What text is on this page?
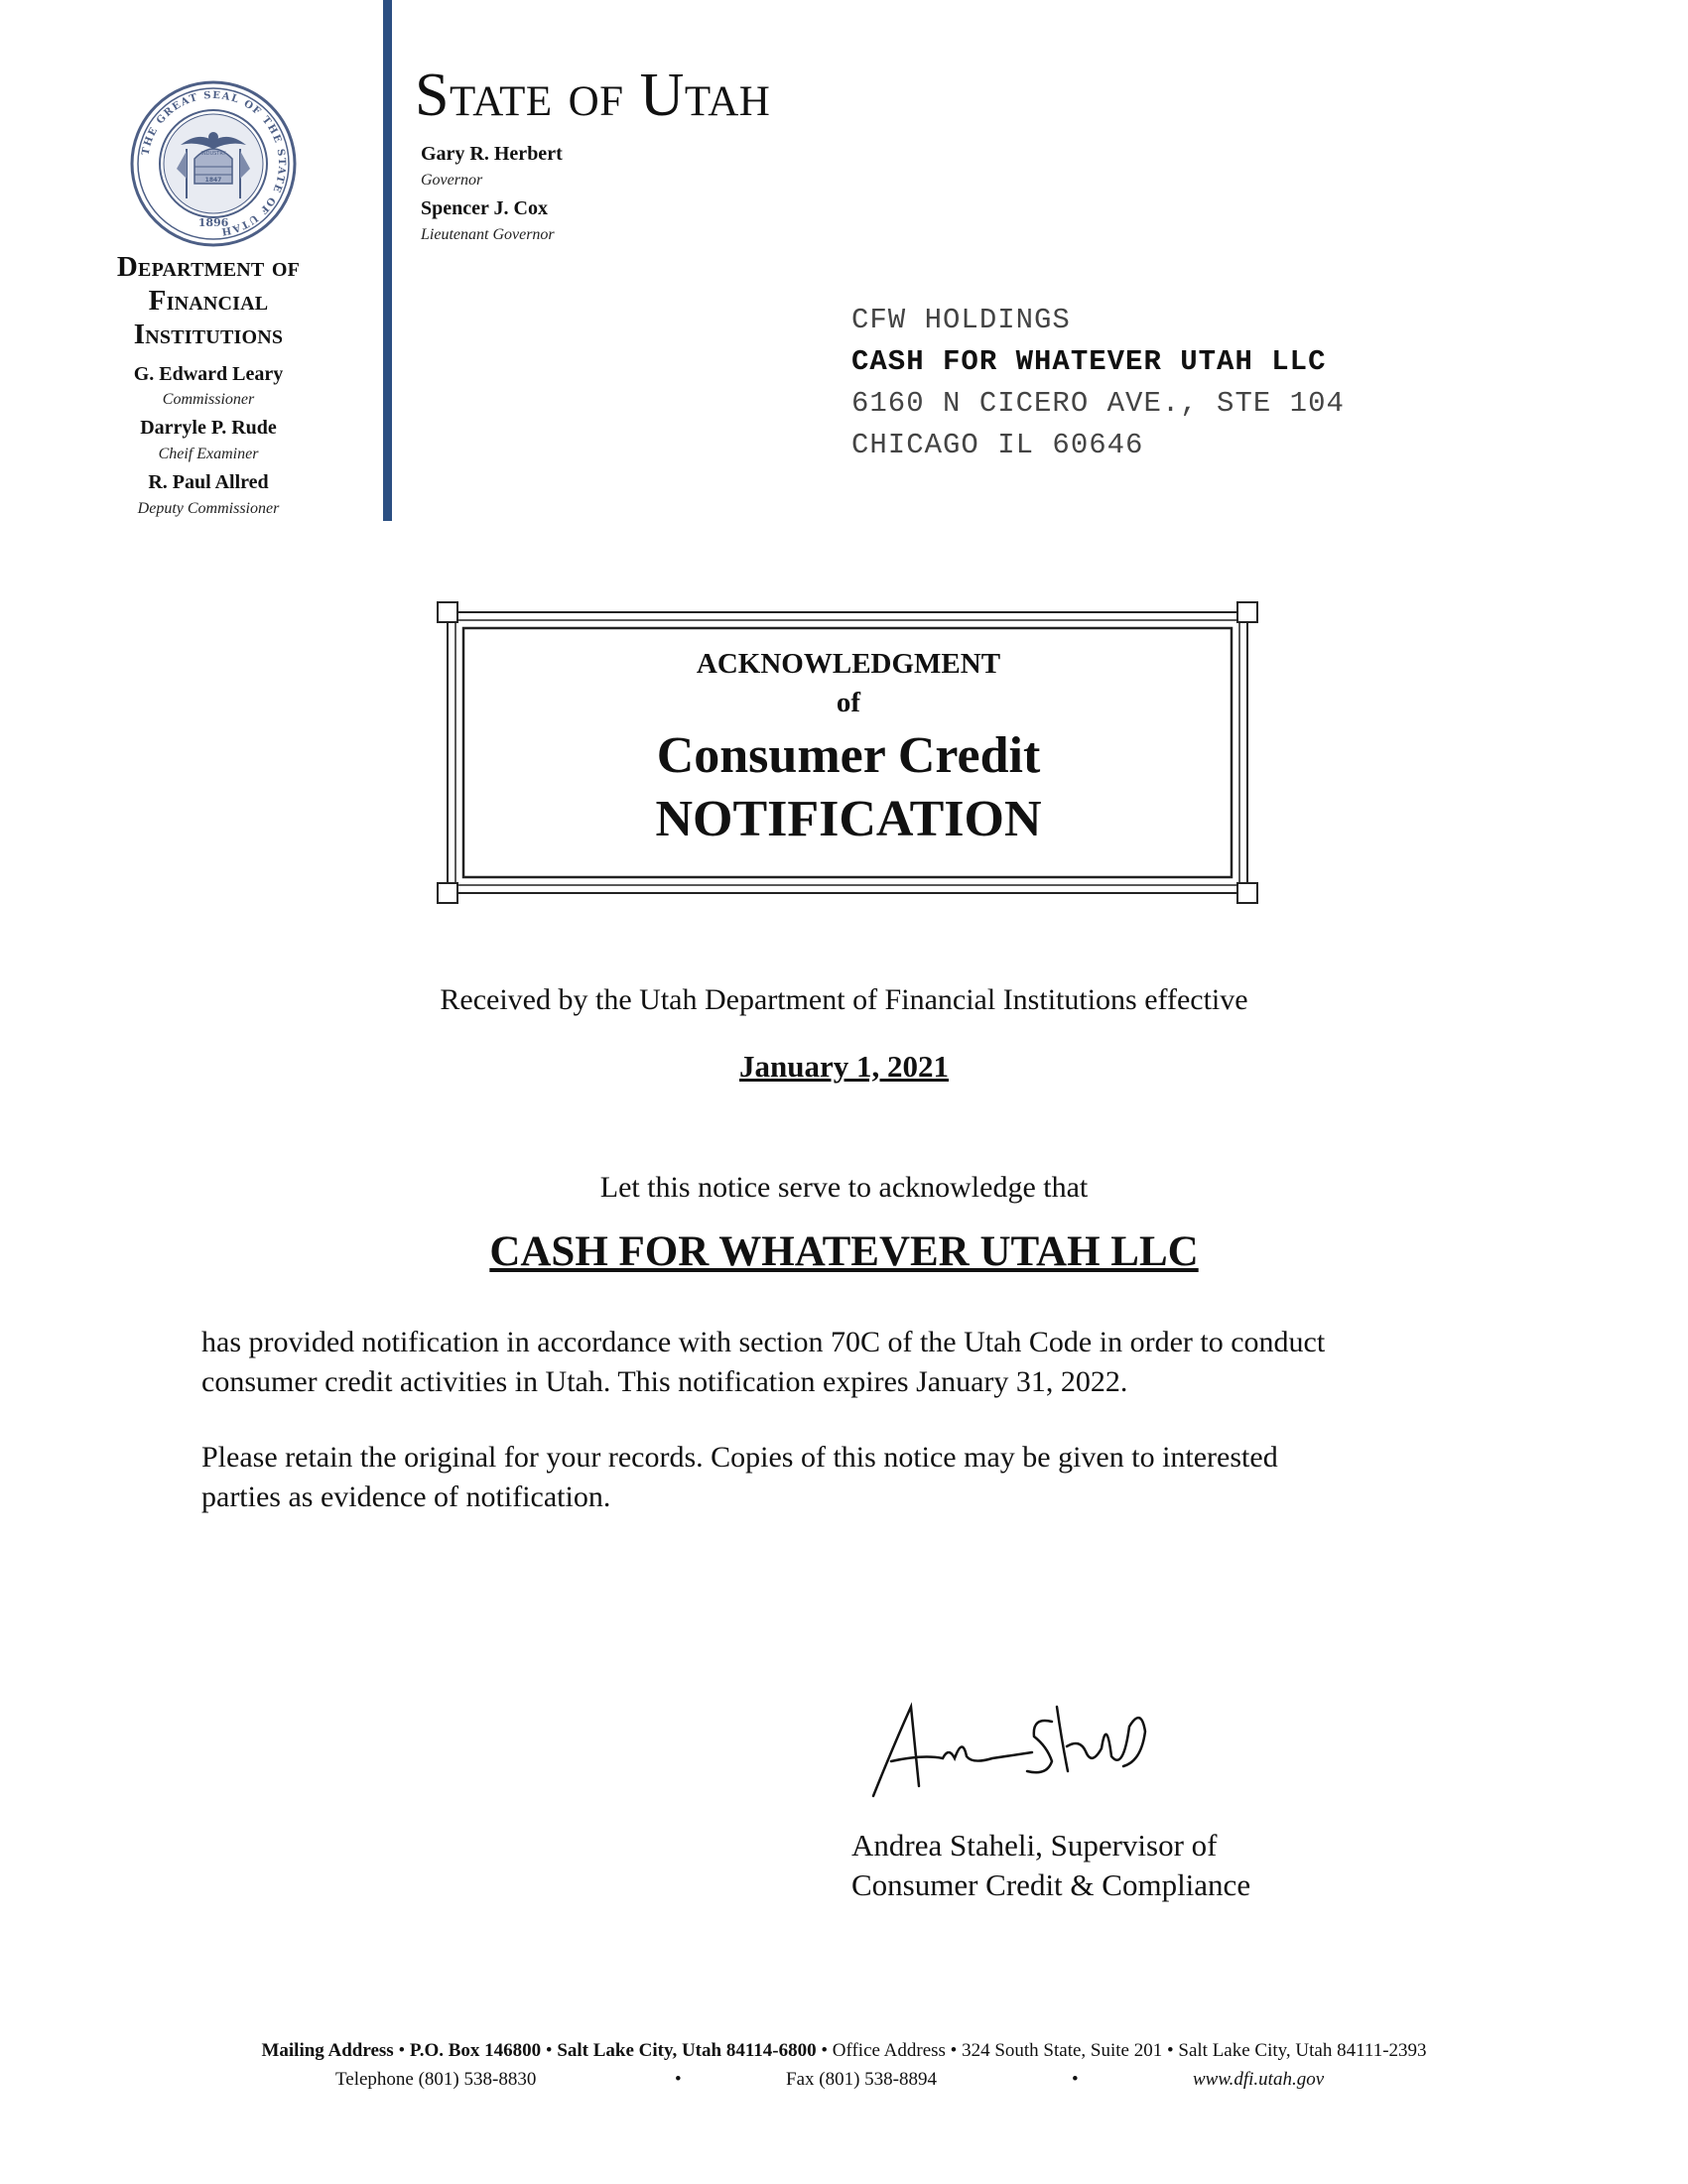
THE GREAT SEAL OF THE STATE OF UTAH
INDUSTRY
1847
1896
Department of
Financial
Institutions
G. Edward Leary
Commissioner
Darryle P. Rude
Cheif Examiner
R. Paul Allred
Deputy Commissioner
State of Utah
Gary R. Herbert
Governor
Spencer J. Cox
Lieutenant Governor
CFW HOLDINGS
CASH FOR WHATEVER UTAH LLC
6160 N CICERO AVE., STE 104
CHICAGO IL 60646
ACKNOWLEDGMENT
of
Consumer Credit
NOTIFICATION
Received by the Utah Department of Financial Institutions effective
January 1, 2021
Let this notice serve to acknowledge that
CASH FOR WHATEVER UTAH LLC
has provided notification in accordance with section 70C of the Utah Code in order to conduct
consumer credit activities in Utah. This notification expires January 31, 2022.
Please retain the original for your records. Copies of this notice may be given to interested
parties as evidence of notification.
Andrea Staheli, Supervisor of
Consumer Credit & Compliance
Mailing Address • P.O. Box 146800 • Salt Lake City, Utah 84114-6800 • Office Address • 324 South State, Suite 201 • Salt Lake City, Utah 84111-2393
Telephone (801) 538-8830	•	Fax (801) 538-8894	•	www.dfi.utah.gov
